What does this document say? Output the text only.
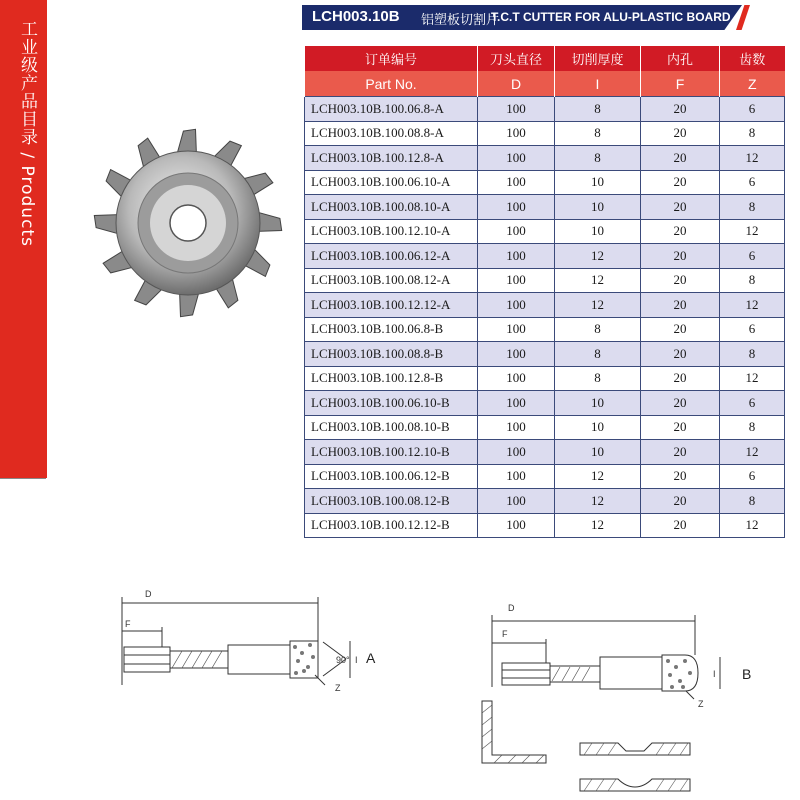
工业级产品目录 / Products
LCH003.10B 铝塑板切割片
T.C.T CUTTER FOR ALU-PLASTIC BOARD
订单编号	刀头直径	切削厚度	内孔	齿数
Part No.	D	I	F	Z
LCH003.10B.100.06.8-A	100	8	20	6
LCH003.10B.100.08.8-A	100	8	20	8
LCH003.10B.100.12.8-A	100	8	20	12
LCH003.10B.100.06.10-A	100	10	20	6
LCH003.10B.100.08.10-A	100	10	20	8
LCH003.10B.100.12.10-A	100	10	20	12
LCH003.10B.100.06.12-A	100	12	20	6
LCH003.10B.100.08.12-A	100	12	20	8
LCH003.10B.100.12.12-A	100	12	20	12
LCH003.10B.100.06.8-B	100	8	20	6
LCH003.10B.100.08.8-B	100	8	20	8
LCH003.10B.100.12.8-B	100	8	20	12
LCH003.10B.100.06.10-B	100	10	20	6
LCH003.10B.100.08.10-B	100	10	20	8
LCH003.10B.100.12.10-B	100	10	20	12
LCH003.10B.100.06.12-B	100	12	20	6
LCH003.10B.100.08.12-B	100	12	20	8
LCH003.10B.100.12.12-B	100	12	20	12
D
F
90° I
Z
A
D
F
I
Z
B
